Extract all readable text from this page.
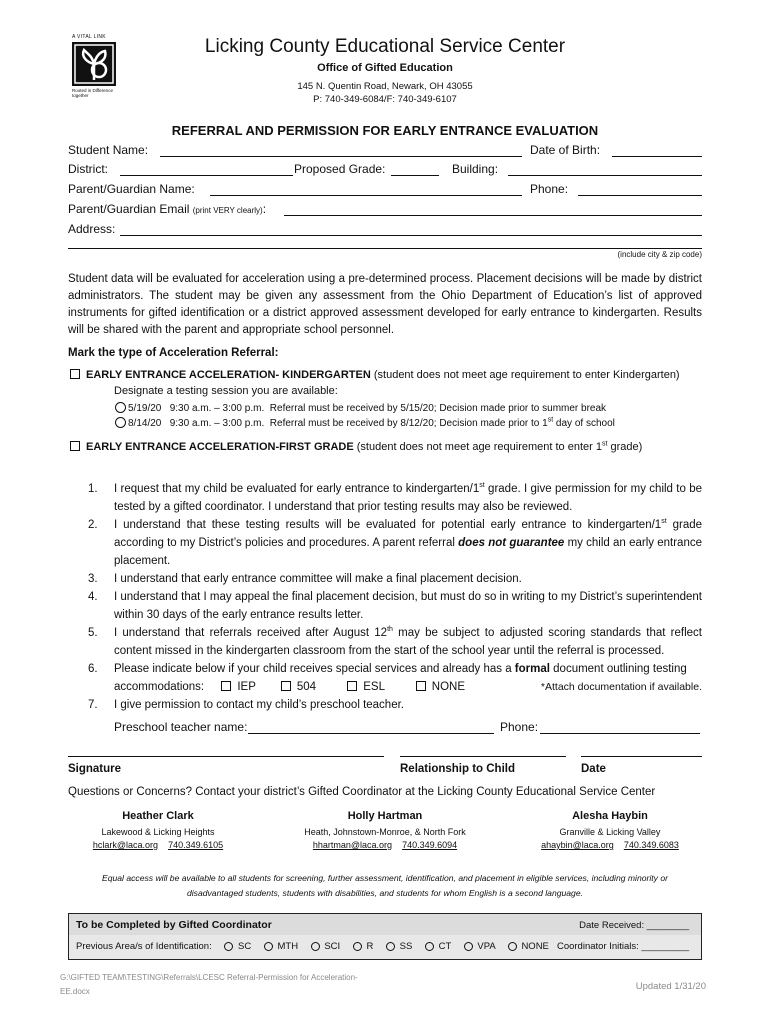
A VITAL LINK
Rooted in Difference together
Licking County Educational Service Center
Office of Gifted Education
145 N. Quentin Road, Newark, OH 43055
P: 740-349-6084/F: 740-349-6107
REFERRAL AND PERMISSION FOR EARLY ENTRANCE EVALUATION
Student Name:	Date of Birth:
District:	Proposed Grade:	Building:
Parent/Guardian Name:	Phone:
Parent/Guardian Email (print VERY clearly):
Address:
(include city & zip code)
Student data will be evaluated for acceleration using a pre-determined process. Placement decisions will be made by district administrators. The student may be given any assessment from the Ohio Department of Education’s list of approved instruments for gifted identification or a district approved assessment developed for early entrance to kindergarten. Results will be shared with the parent and appropriate school personnel.
Mark the type of Acceleration Referral:
EARLY ENTRANCE ACCELERATION- KINDERGARTEN (student does not meet age requirement to enter Kindergarten)
Designate a testing session you are available:
5/19/20 9:30 a.m. – 3:00 p.m. Referral must be received by 5/15/20; Decision made prior to summer break
8/14/20 9:30 a.m. – 3:00 p.m. Referral must be received by 8/12/20; Decision made prior to 1st day of school
EARLY ENTRANCE ACCELERATION-FIRST GRADE (student does not meet age requirement to enter 1st grade)
1. I request that my child be evaluated for early entrance to kindergarten/1st grade. I give permission for my child to be tested by a gifted coordinator. I understand that prior testing results may also be reviewed.
2. I understand that these testing results will be evaluated for potential early entrance to kindergarten/1st grade according to my District’s policies and procedures. A parent referral does not guarantee my child an early entrance placement.
3. I understand that early entrance committee will make a final placement decision.
4. I understand that I may appeal the final placement decision, but must do so in writing to my District’s superintendent within 30 days of the early entrance results letter.
5. I understand that referrals received after August 12th may be subject to adjusted scoring standards that reflect content missed in the kindergarten classroom from the start of the school year until the referral is processed.
6. Please indicate below if your child receives special services and already has a formal document outlining testing
accommodations:	IEP	504	ESL	NONE	*Attach documentation if available.
7. I give permission to contact my child’s preschool teacher.
Preschool teacher name:	Phone:
Signature	Relationship to Child	Date
Questions or Concerns? Contact your district’s Gifted Coordinator at the Licking County Educational Service Center
Heather Clark
Lakewood & Licking Heights
hclark@laca.org 740.349.6105
Holly Hartman
Heath, Johnstown-Monroe, & North Fork
hhartman@laca.org 740.349.6094
Alesha Haybin
Granville & Licking Valley
ahaybin@laca.org 740.349.6083
Equal access will be available to all students for screening, further assessment, identification, and placement in eligible services, including minority or
disadvantaged students, students with disabilities, and students for whom English is a second language.
To be Completed by Gifted Coordinator	Date Received: ________
Previous Area/s of Identification:	SC	MTH	SCI	R	SS	CT	VPA	NONE Coordinator Initials: _________
G:\GIFTED TEAM\TESTING\Referrals\LCESC Referral-Permission for Acceleration-
EE.docx	Updated 1/31/20
